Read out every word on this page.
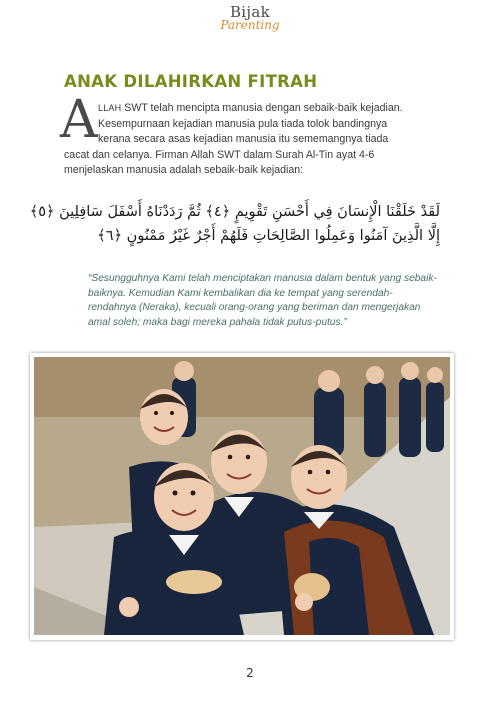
Bijak
Parenting
ANAK DILAHIRKAN FITRAH
A LLAH SWT telah mencipta manusia dengan sebaik-baik kejadian.
Kesempurnaan kejadian manusia pula tiada tolok bandingnya
kerana secara asas kejadian manusia itu sememangnya tiada
cacat dan celanya. Firman Allah SWT dalam Surah Al-Tin ayat 4-6
menjelaskan manusia adalah sebaik-baik kejadian:
لَقَدْ خَلَقْنَا الْإِنسَانَ فِي أَحْسَنِ تَقْوِيمٍ ﴿٤﴾ ثُمَّ رَدَدْنَاهُ أَسْفَلَ سَافِلِينَ ﴿٥﴾
إِلَّا الَّذِينَ آمَنُوا وَعَمِلُوا الصَّالِحَاتِ فَلَهُمْ أَجْرٌ غَيْرُ مَمْنُونٍ ﴿٦﴾
“Sesungguhnya Kami telah menciptakan manusia dalam bentuk yang sebaik-baiknya. Kemudian Kami kembalikan dia ke tempat yang serendah-rendahnya (Neraka), kecuali orang-orang yang beriman dan mengerjakan amal soleh; maka bagi mereka pahala tidak putus-putus.”
2
